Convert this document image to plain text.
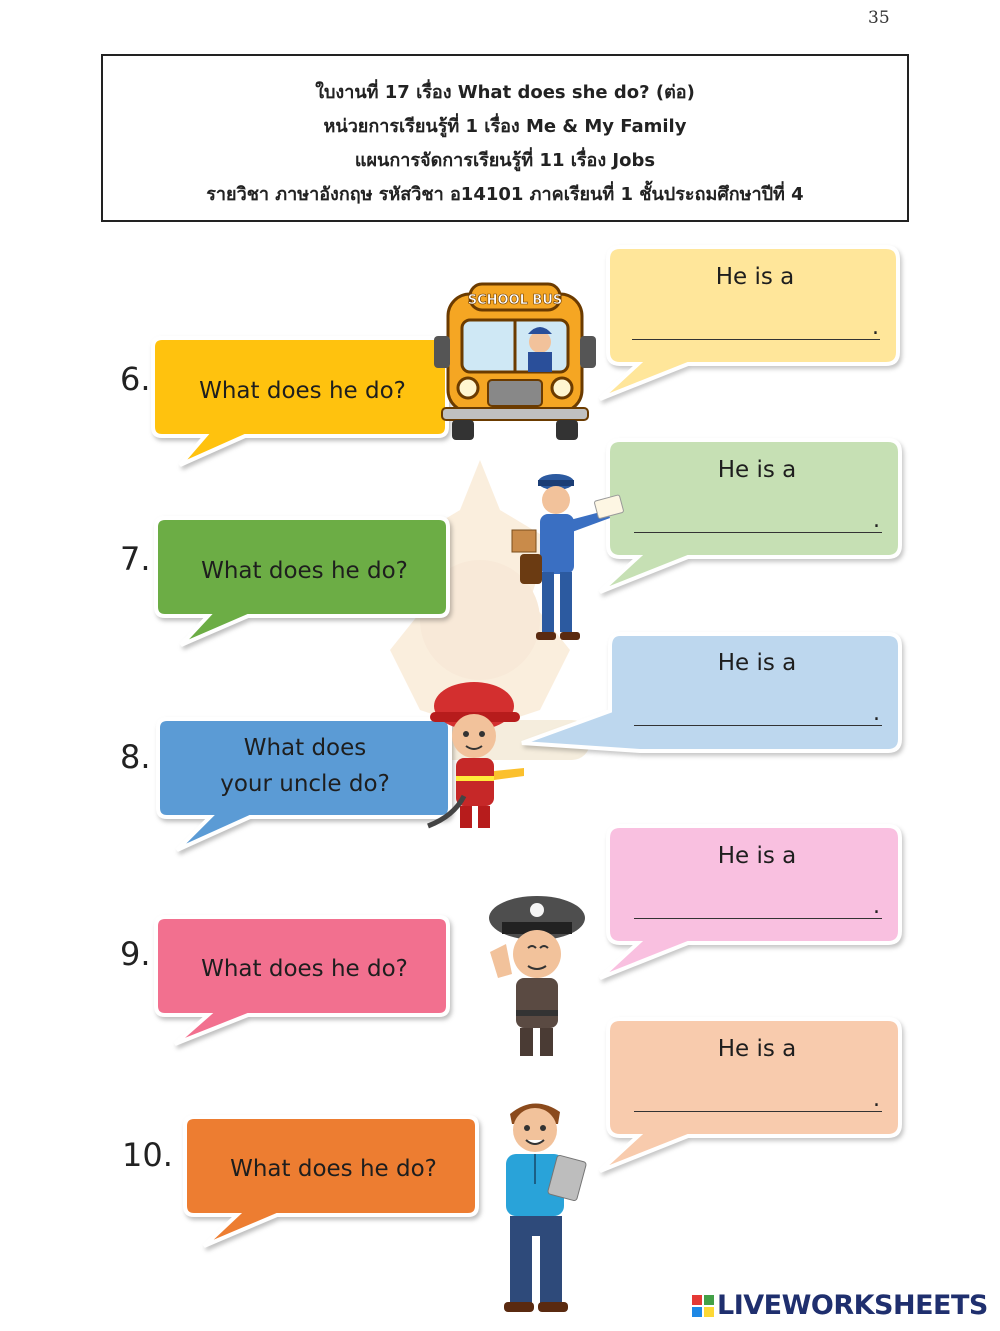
35
ใบงานที่ 17 เรื่อง What does she do? (ต่อ)
หน่วยการเรียนรู้ที่ 1 เรื่อง Me & My Family
แผนการจัดการเรียนรู้ที่ 11 เรื่อง Jobs
รายวิชา ภาษาอังกฤษ รหัสวิชา อ14101 ภาคเรียนที่ 1 ชั้นประถมศึกษาปีที่ 4
6.	What does he do?
He is a
.
SCHOOL BUS
7.	What does he do?
He is a
.
8.	What does
your uncle do?
He is a
.
9.	What does he do?
He is a
.
10.	What does he do?
He is a
.
LIVEWORKSHEETS
